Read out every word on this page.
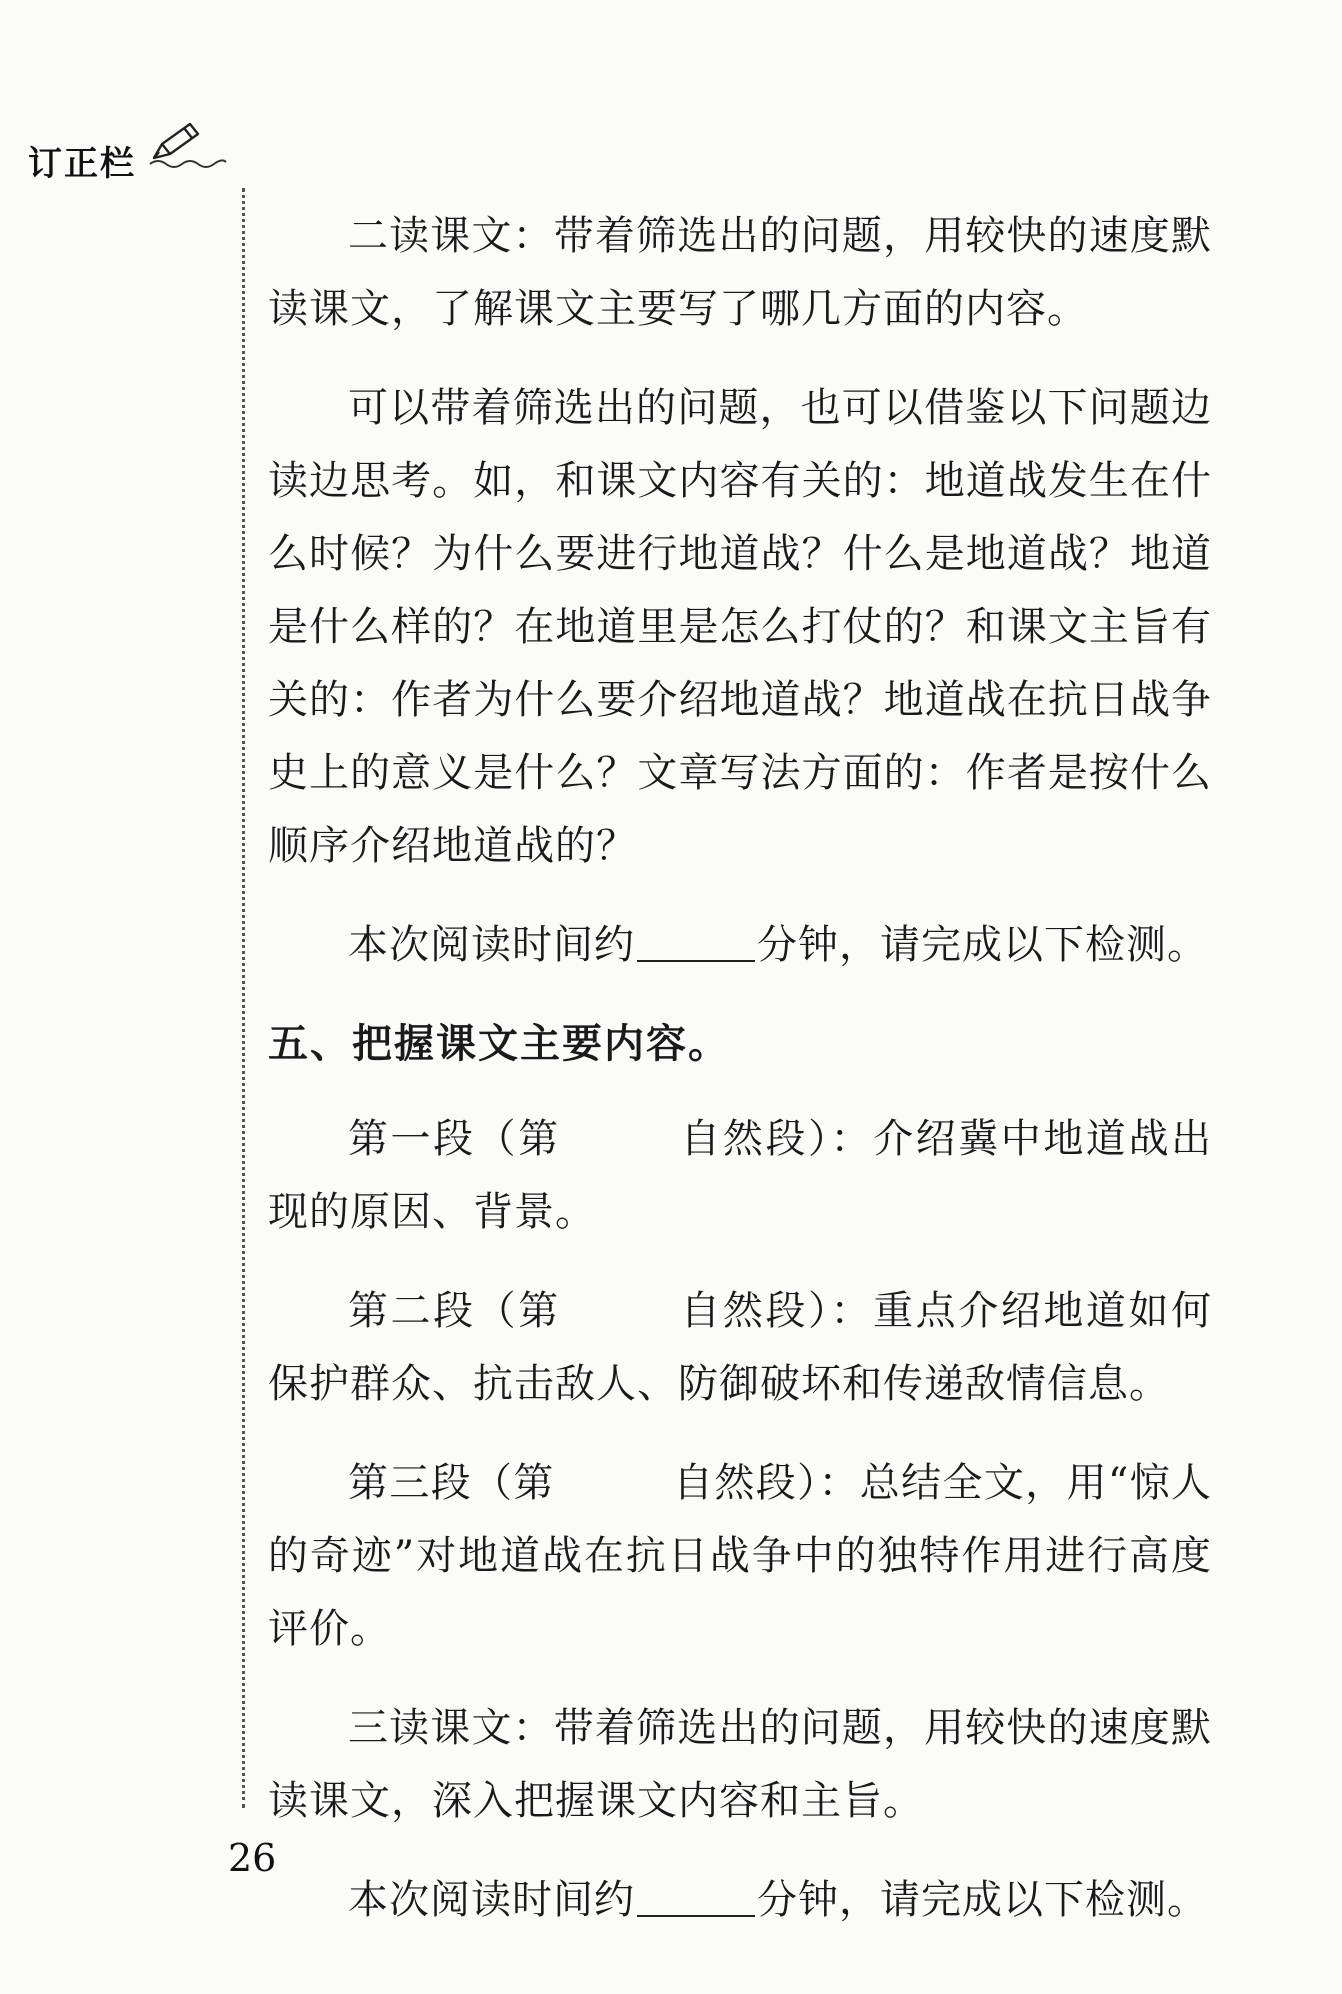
订正栏

二读课文：带着筛选出的问题，用较快的速度默读课文，了解课文主要写了哪几方面的内容。

可以带着筛选出的问题，也可以借鉴以下问题边读边思考。如，和课文内容有关的：地道战发生在什么时候？为什么要进行地道战？什么是地道战？地道是什么样的？在地道里是怎么打仗的？和课文主旨有关的：作者为什么要介绍地道战？地道战在抗日战争史上的意义是什么？文章写法方面的：作者是按什么顺序介绍地道战的？

本次阅读时间约	分钟，请完成以下检测。

五、把握课文主要内容。

第一段（第	自然段）：介绍冀中地道战出现的原因、背景。

第二段（第	自然段）：重点介绍地道如何保护群众、抗击敌人、防御破坏和传递敌情信息。

第三段（第	自然段）：总结全文，用“惊人的奇迹”对地道战在抗日战争中的独特作用进行高度评价。

三读课文：带着筛选出的问题，用较快的速度默读课文，深入把握课文内容和主旨。

本次阅读时间约	分钟，请完成以下检测。

26
